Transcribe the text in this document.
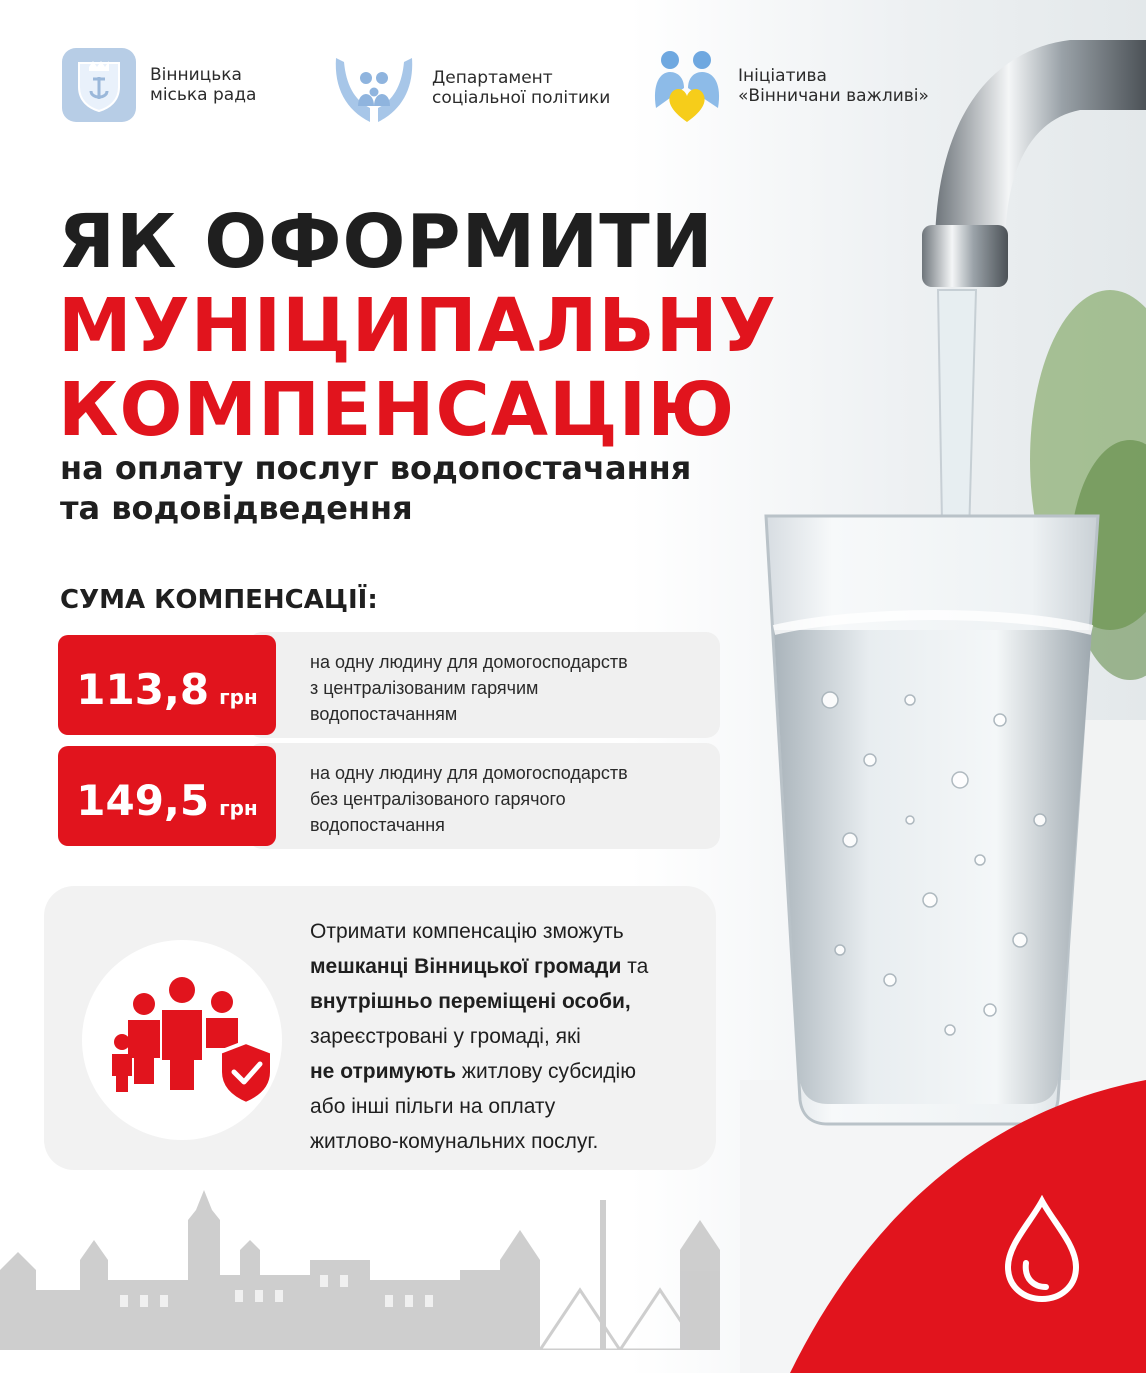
Вінницька
міська рада
Департамент
соціальної політики
Ініціатива
«Вінничани важливі»
ЯК ОФОРМИТИ
МУНІЦИПАЛЬНУ
КОМПЕНСАЦІЮ
на оплату послуг водопостачання
та водовідведення
СУМА КОМПЕНСАЦІЇ:
113,8 грн
на одну людину для домогосподарств
з централізованим гарячим
водопостачанням
149,5 грн
на одну людину для домогосподарств
без централізованого гарячого
водопостачання
Отримати компенсацію зможуть
мешканці Вінницької громади та
внутрішньо переміщені особи,
зареєстровані у громаді, які
не отримують житлову субсидію
або інші пільги на оплату
житлово-комунальних послуг.
